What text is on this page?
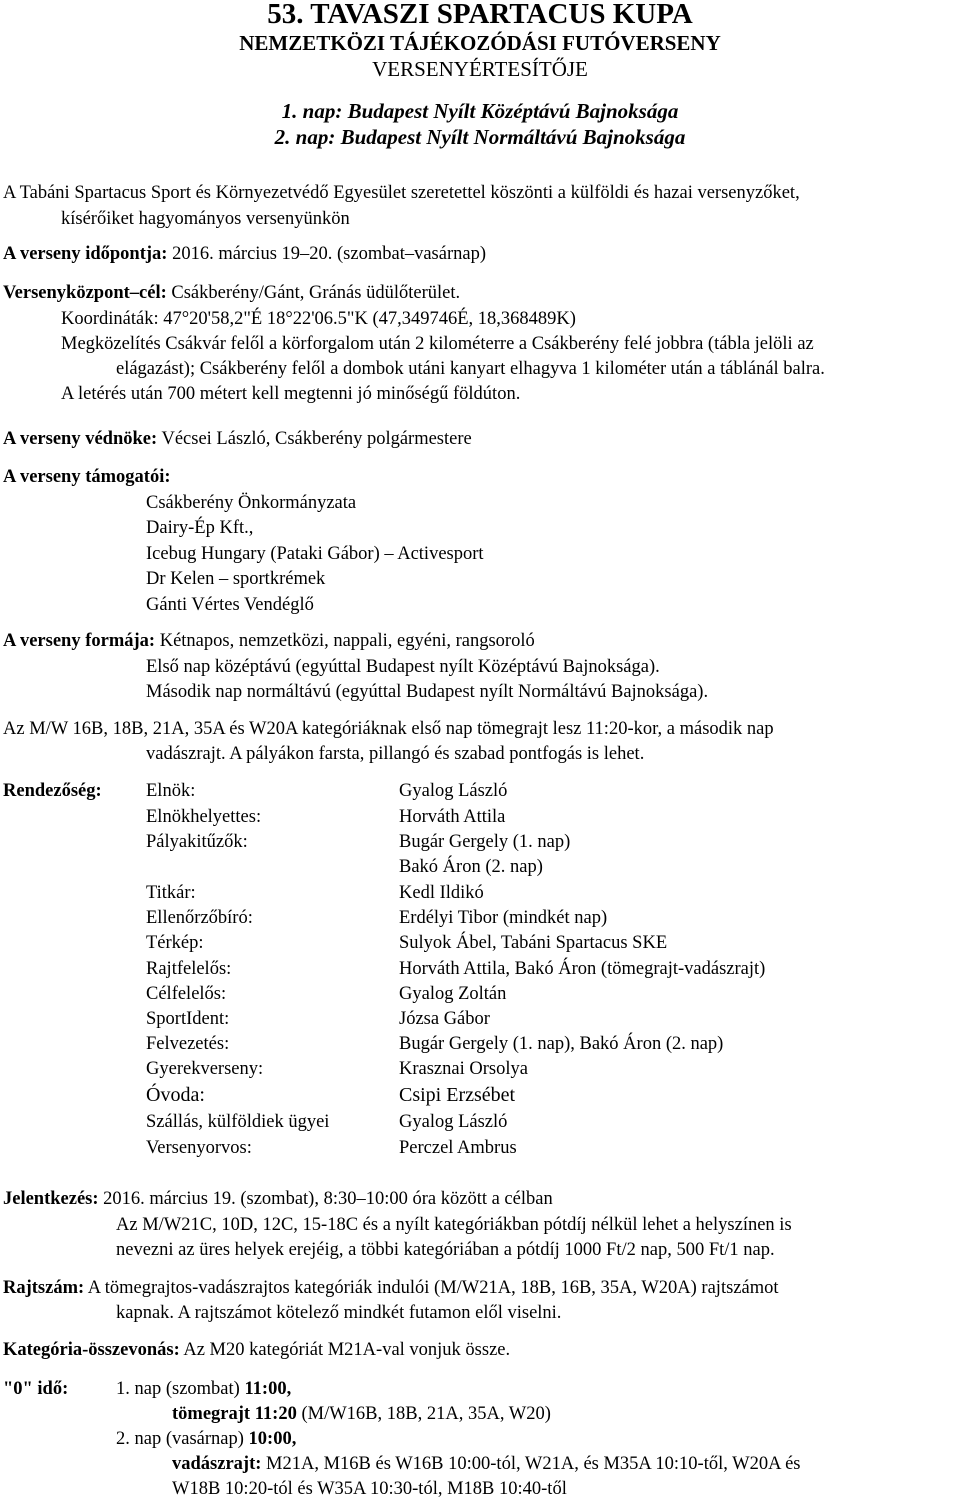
53. TAVASZI SPARTACUS KUPA
NEMZETKÖZI TÁJÉKOZÓDÁSI FUTÓVERSENY
VERSENYÉRTESÍTŐJE
1. nap: Budapest Nyílt Középtávú Bajnoksága
2. nap: Budapest Nyílt Normáltávú Bajnoksága
A Tabáni Spartacus Sport és Környezetvédő Egyesület szeretettel köszönti a külföldi és hazai versenyzőket,
kísérőiket hagyományos versenyünkön
A verseny időpontja: 2016. március 19–20. (szombat–vasárnap)
Versenyközpont–cél: Csákberény/Gánt, Gránás üdülőterület.
Koordináták: 47°20'58,2"É 18°22'06.5"K (47,349746É, 18,368489K)
Megközelítés Csákvár felől a körforgalom után 2 kilométerre a Csákberény felé jobbra (tábla jelöli az
elágazást); Csákberény felől a dombok utáni kanyart elhagyva 1 kilométer után a táblánál balra.
A letérés után 700 métert kell megtenni jó minőségű földúton.
A verseny védnöke: Vécsei László, Csákberény polgármestere
A verseny támogatói:
Csákberény Önkormányzata
Dairy-Ép Kft.,
Icebug Hungary (Pataki Gábor) – Activesport
Dr Kelen – sportkrémek
Gánti Vértes Vendéglő
A verseny formája: Kétnapos, nemzetközi, nappali, egyéni, rangsoroló
Első nap középtávú (egyúttal Budapest nyílt Középtávú Bajnoksága).
Második nap normáltávú (egyúttal Budapest nyílt Normáltávú Bajnoksága).
Az M/W 16B, 18B, 21A, 35A és W20A kategóriáknak első nap tömegrajt lesz 11:20-kor, a második nap
vadászrajt. A pályákon farsta, pillangó és szabad pontfogás is lehet.
Rendezőség: Elnök:	Gyalog László
Elnökhelyettes:	Horváth Attila
Pályakitűzők:	Bugár Gergely (1. nap)
Bakó Áron (2. nap)
Titkár:	Kedl Ildikó
Ellenőrzőbíró:	Erdélyi Tibor (mindkét nap)
Térkép:	Sulyok Ábel, Tabáni Spartacus SKE
Rajtfelelős:	Horváth Attila, Bakó Áron (tömegrajt-vadászrajt)
Célfelelős:	Gyalog Zoltán
SportIdent:	Józsa Gábor
Felvezetés:	Bugár Gergely (1. nap), Bakó Áron (2. nap)
Gyerekverseny:	Krasznai Orsolya
Óvoda:	Csipi Erzsébet
Szállás, külföldiek ügyei	Gyalog László
Versenyorvos:	Perczel Ambrus
Jelentkezés: 2016. március 19. (szombat), 8:30–10:00 óra között a célban
Az M/W21C, 10D, 12C, 15-18C és a nyílt kategóriákban pótdíj nélkül lehet a helyszínen is
nevezni az üres helyek erejéig, a többi kategóriában a pótdíj 1000 Ft/2 nap, 500 Ft/1 nap.
Rajtszám: A tömegrajtos-vadászrajtos kategóriák indulói (M/W21A, 18B, 16B, 35A, W20A) rajtszámot
kapnak. A rajtszámot kötelező mindkét futamon elől viselni.
Kategória-összevonás: Az M20 kategóriát M21A-val vonjuk össze.
"0" idő:	1. nap (szombat) 11:00,
tömegrajt 11:20 (M/W16B, 18B, 21A, 35A, W20)
2. nap (vasárnap) 10:00,
vadászrajt: M21A, M16B és W16B 10:00-tól, W21A, és M35A 10:10-től, W20A és
W18B 10:20-tól és W35A 10:30-tól, M18B 10:40-től
